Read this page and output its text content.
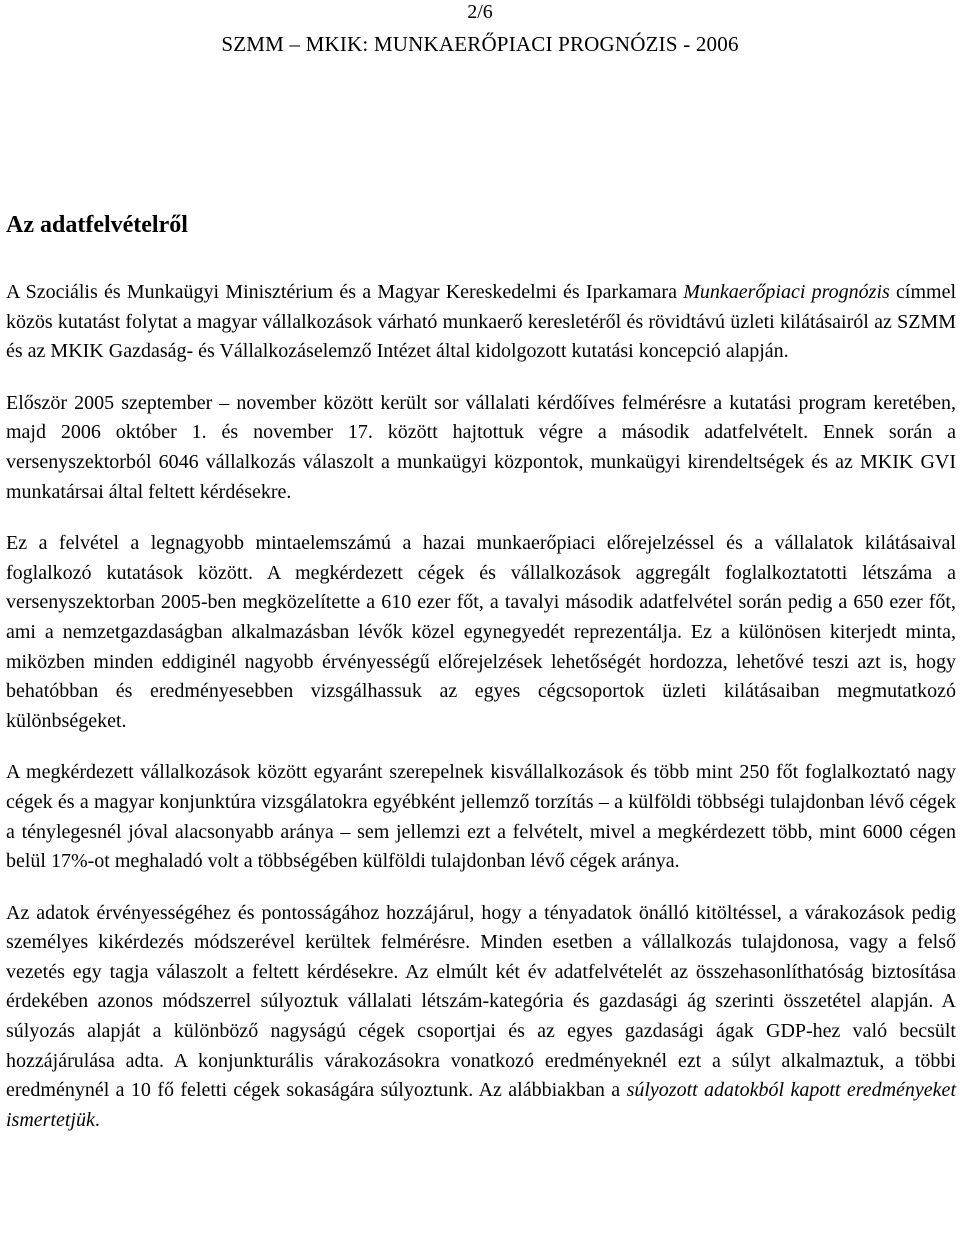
2/6
SZMM – MKIK: MUNKAERŐPIACI PROGNÓZIS - 2006
Az adatfelvételről

A Szociális és Munkaügyi Minisztérium és a Magyar Kereskedelmi és Iparkamara Munkaerőpiaci prognózis címmel közös kutatást folytat a magyar vállalkozások várható munkaerő keresletéről és rövidtávú üzleti kilátásairól az SZMM és az MKIK Gazdaság- és Vállalkozáselemző Intézet által kidolgozott kutatási koncepció alapján.

Először 2005 szeptember – november között került sor vállalati kérdőíves felmérésre a kutatási program keretében, majd 2006 október 1. és november 17. között hajtottuk végre a második adatfelvételt. Ennek során a versenyszektorból 6046 vállalkozás válaszolt a munkaügyi központok, munkaügyi kirendeltségek és az MKIK GVI munkatársai által feltett kérdésekre.

Ez a felvétel a legnagyobb mintaelemszámú a hazai munkaerőpiaci előrejelzéssel és a vállalatok kilátásaival foglalkozó kutatások között. A megkérdezett cégek és vállalkozások aggregált foglalkoztatotti létszáma a versenyszektorban 2005-ben megközelítette a 610 ezer főt, a tavalyi második adatfelvétel során pedig a 650 ezer főt, ami a nemzetgazdaságban alkalmazásban lévők közel egynegyedét reprezentálja. Ez a különösen kiterjedt minta, miközben minden eddiginél nagyobb érvényességű előrejelzések lehetőségét hordozza, lehetővé teszi azt is, hogy behatóbban és eredményesebben vizsgálhassuk az egyes cégcsoportok üzleti kilátásaiban megmutatkozó különbségeket.

A megkérdezett vállalkozások között egyaránt szerepelnek kisvállalkozások és több mint 250 főt foglalkoztató nagy cégek és a magyar konjunktúra vizsgálatokra egyébként jellemző torzítás – a külföldi többségi tulajdonban lévő cégek a ténylegesnél jóval alacsonyabb aránya – sem jellemzi ezt a felvételt, mivel a megkérdezett több, mint 6000 cégen belül 17%-ot meghaladó volt a többségében külföldi tulajdonban lévő cégek aránya.

Az adatok érvényességéhez és pontosságához hozzájárul, hogy a tényadatok önálló kitöltéssel, a várakozások pedig személyes kikérdezés módszerével kerültek felmérésre. Minden esetben a vállalkozás tulajdonosa, vagy a felső vezetés egy tagja válaszolt a feltett kérdésekre. Az elmúlt két év adatfelvételét az összehasonlíthatóság biztosítása érdekében azonos módszerrel súlyoztuk vállalati létszám-kategória és gazdasági ág szerinti összetétel alapján. A súlyozás alapját a különböző nagyságú cégek csoportjai és az egyes gazdasági ágak GDP-hez való becsült hozzájárulása adta. A konjunkturális várakozásokra vonatkozó eredményeknél ezt a súlyt alkalmaztuk, a többi eredménynél a 10 fő feletti cégek sokaságára súlyoztunk. Az alábbiakban a súlyozott adatokból kapott eredményeket ismertetjük.
